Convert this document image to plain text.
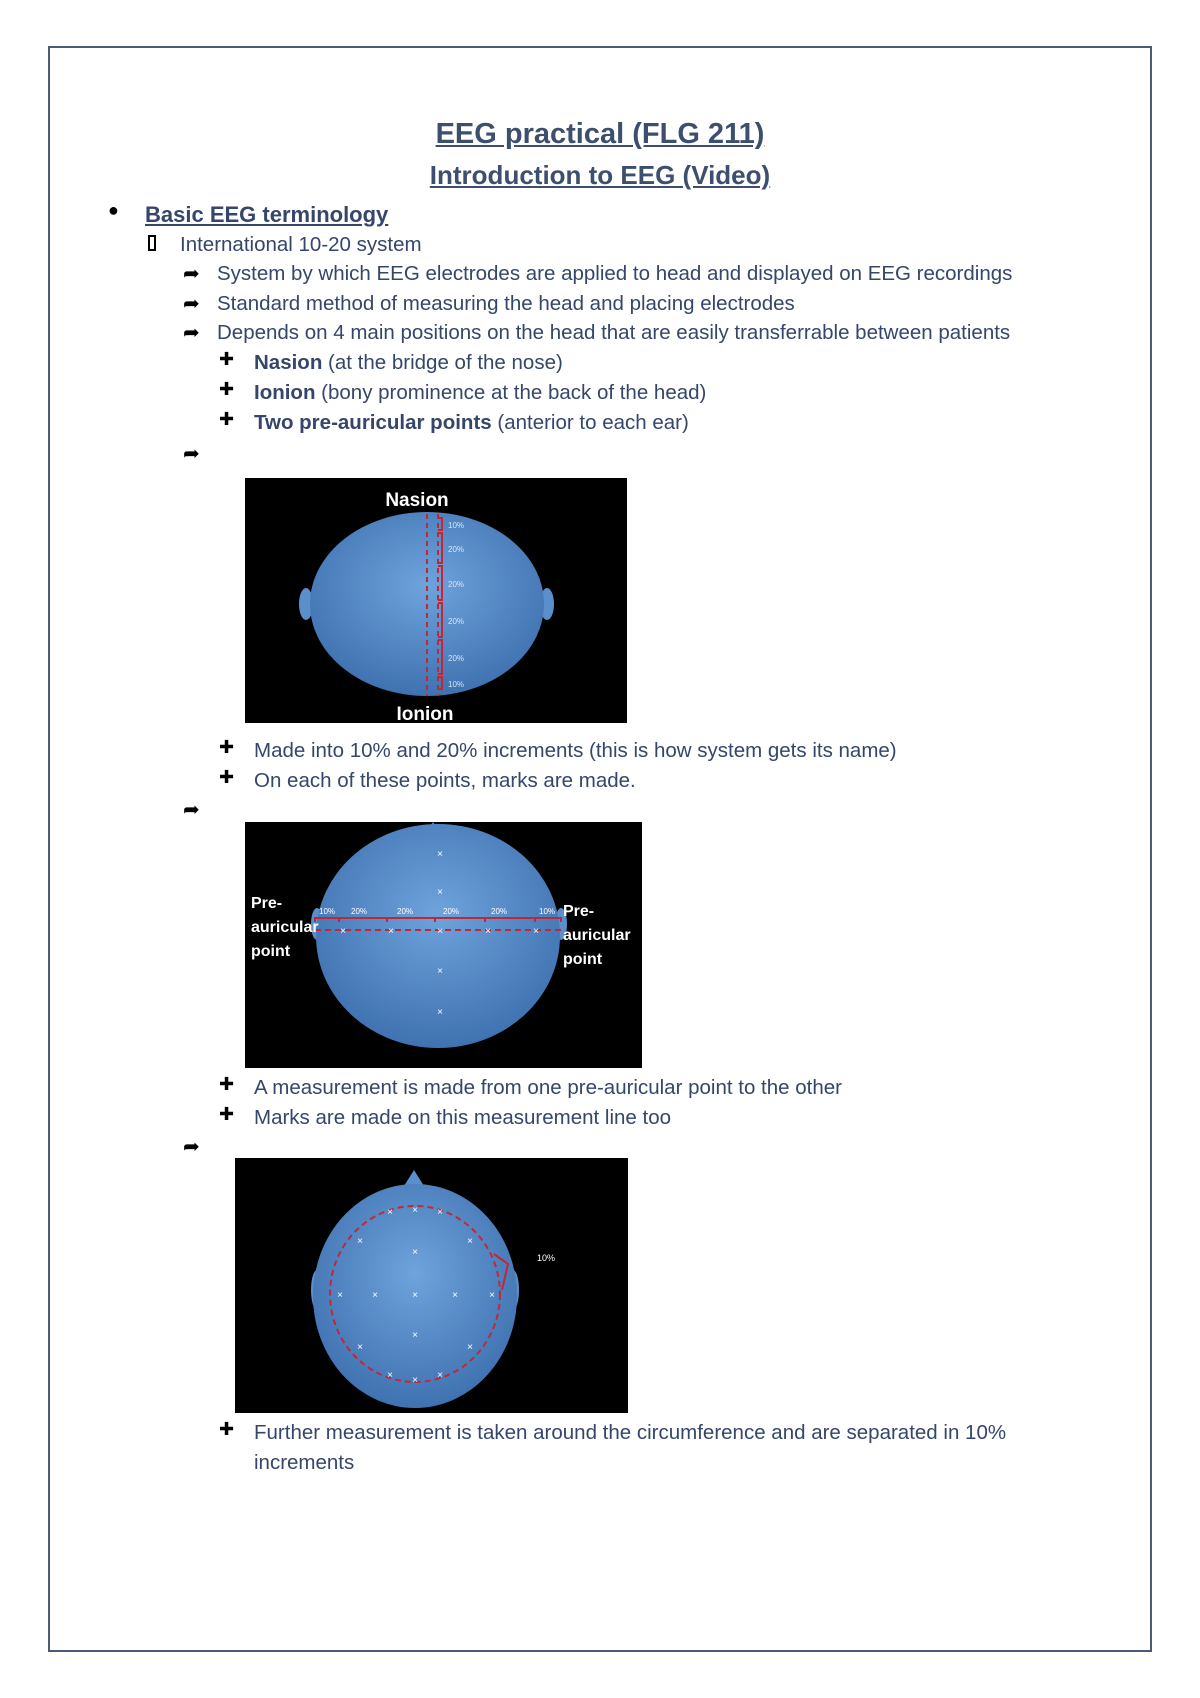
EEG practical (FLG 211)
Introduction to EEG (Video)
● Basic EEG terminology
International 10-20 system
➦ System by which EEG electrodes are applied to head and displayed on EEG recordings
➦ Standard method of measuring the head and placing electrodes
➦ Depends on 4 main positions on the head that are easily transferrable between patients
✚ Nasion (at the bridge of the nose)
✚ Ionion (bony prominence at the back of the head)
✚ Two pre-auricular points (anterior to each ear)
➦
10%
20%
20%
20%
20%
10%
Nasion
Ionion
✚ Made into 10% and 20% increments (this is how system gets its name)
✚ On each of these points, marks are made.
➦
10% 20%	20%	20%	20%	10%
×
×
×	×	×	×	×
×
×
Pre-
auricular
point
Pre-
auricular
point
✚ A measurement is made from one pre-auricular point to the other
✚ Marks are made on this measurement line too
➦
10%
×
×	×
×	×
×
×	×	×	×	×
×
×	×
× × ×
✚ Further measurement is taken around the circumference and are separated in 10%
increments
